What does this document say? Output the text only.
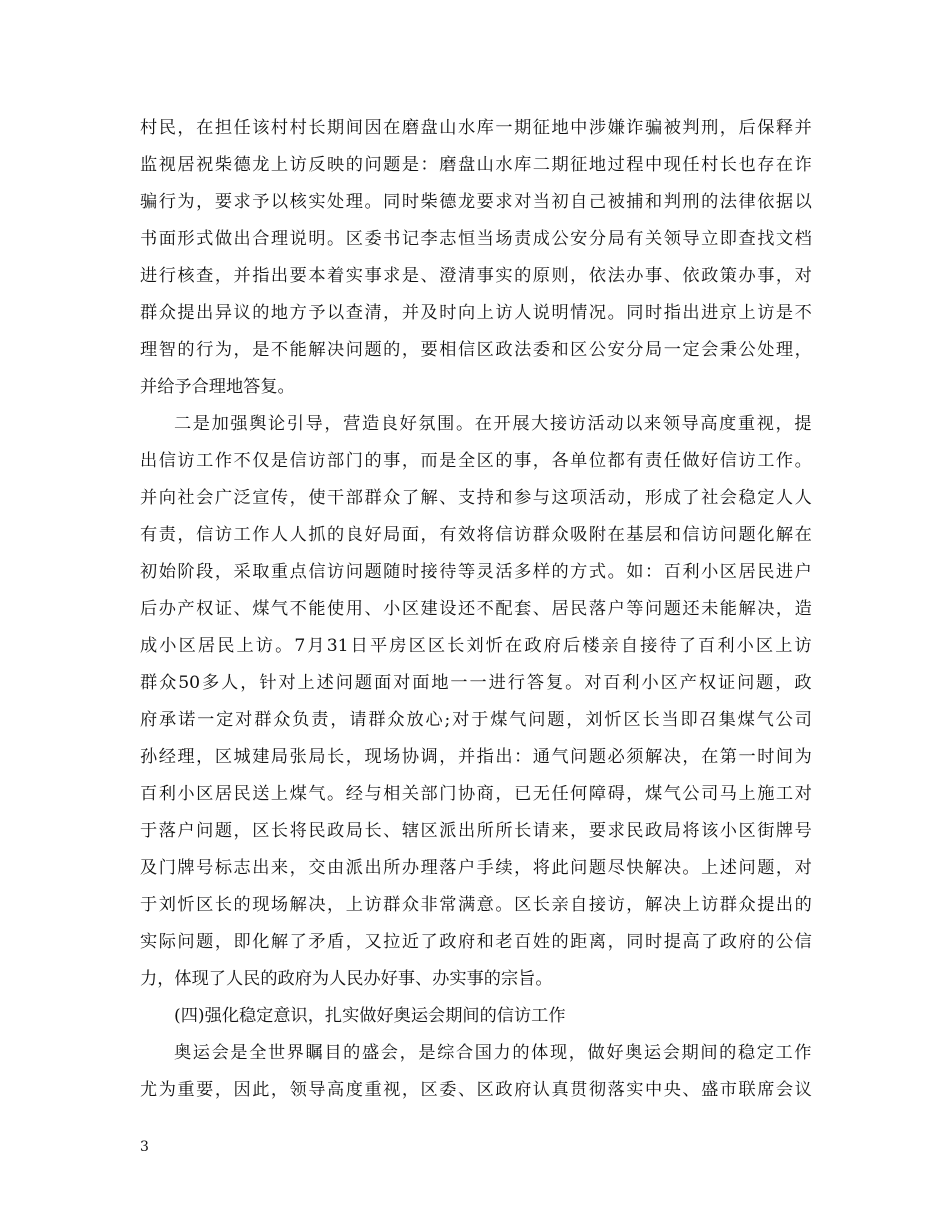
村 民 ， 在 担 任 该 村 村 长 期 间 因 在 磨 盘 山 水 库 一 期 征 地 中 涉 嫌 诈 骗 被 判 刑 ， 后 保 释 并
监 视 居 祝 柴 德 龙 上 访 反 映 的 问 题 是 ： 磨 盘 山 水 库 二 期 征 地 过 程 中 现 任 村 长 也 存 在 诈
骗 行 为 ， 要 求 予 以 核 实 处 理 。 同 时 柴 德 龙 要 求 对 当 初 自 己 被 捕 和 判 刑 的 法 律 依 据 以
书 面 形 式 做 出 合 理 说 明 。 区 委 书 记 李 志 恒 当 场 责 成 公 安 分 局 有 关 领 导 立 即 查 找 文 档
进 行 核 查 ， 并 指 出 要 本 着 实 事 求 是 、 澄 清 事 实 的 原 则 ， 依 法 办 事 、 依 政 策 办 事 ， 对
群 众 提 出 异 议 的 地 方 予 以 查 清 ， 并 及 时 向 上 访 人 说 明 情 况 。 同 时 指 出 进 京 上 访 是 不
理 智 的 行 为 ， 是 不 能 解 决 问 题 的 ， 要 相 信 区 政 法 委 和 区 公 安 分 局 一 定 会 秉 公 处 理 ，
并给予合理地答复。
二 是 加 强 舆 论 引 导 ， 营 造 良 好 氛 围 。 在 开 展 大 接 访 活 动 以 来 领 导 高 度 重 视 ， 提
出 信 访 工 作 不 仅 是 信 访 部 门 的 事 ， 而 是 全 区 的 事 ， 各 单 位 都 有 责 任 做 好 信 访 工 作 。
并 向 社 会 广 泛 宣 传 ， 使 干 部 群 众 了 解 、 支 持 和 参 与 这 项 活 动 ， 形 成 了 社 会 稳 定 人 人
有 责 ， 信 访 工 作 人 人 抓 的 良 好 局 面 ， 有 效 将 信 访 群 众 吸 附 在 基 层 和 信 访 问 题 化 解 在
初 始 阶 段 ， 采 取 重 点 信 访 问 题 随 时 接 待 等 灵 活 多 样 的 方 式 。 如 ： 百 利 小 区 居 民 进 户
后 办 产 权 证 、 煤 气 不 能 使 用 、 小 区 建 设 还 不 配 套 、 居 民 落 户 等 问 题 还 未 能 解 决 ， 造
成 小 区 居 民 上 访 。 7 月 31 日 平 房 区 区 长 刘 忻 在 政 府 后 楼 亲 自 接 待 了 百 利 小 区 上 访
群 众 50 多 人 ， 针 对 上 述 问 题 面 对 面 地 一 一 进 行 答 复 。 对 百 利 小 区 产 权 证 问 题 ， 政
府 承 诺 一 定 对 群 众 负 责 ， 请 群 众 放 心 ; 对 于 煤 气 问 题 ， 刘 忻 区 长 当 即 召 集 煤 气 公 司
孙 经 理 ， 区 城 建 局 张 局 长 ， 现 场 协 调 ， 并 指 出 ： 通 气 问 题 必 须 解 决 ， 在 第 一 时 间 为
百 利 小 区 居 民 送 上 煤 气 。 经 与 相 关 部 门 协 商 ， 已 无 任 何 障 碍 ， 煤 气 公 司 马 上 施 工 对
于 落 户 问 题 ， 区 长 将 民 政 局 长 、 辖 区 派 出 所 所 长 请 来 ， 要 求 民 政 局 将 该 小 区 街 牌 号
及 门 牌 号 标 志 出 来 ， 交 由 派 出 所 办 理 落 户 手 续 ， 将 此 问 题 尽 快 解 决 。 上 述 问 题 ， 对
于 刘 忻 区 长 的 现 场 解 决 ， 上 访 群 众 非 常 满 意 。 区 长 亲 自 接 访 ， 解 决 上 访 群 众 提 出 的
实 际 问 题 ， 即 化 解 了 矛 盾 ， 又 拉 近 了 政 府 和 老 百 姓 的 距 离 ， 同 时 提 高 了 政 府 的 公 信
力，体现了人民的政府为人民办好事、办实事的宗旨。
(四)强化稳定意识，扎实做好奥运会期间的信访工作
奥 运 会 是 全 世 界 瞩 目 的 盛 会 ， 是 综 合 国 力 的 体 现 ， 做 好 奥 运 会 期 间 的 稳 定 工 作
尤 为 重 要 ， 因 此 ， 领 导 高 度 重 视 ， 区 委 、 区 政 府 认 真 贯 彻 落 实 中 央 、 盛 市 联 席 会 议
3
